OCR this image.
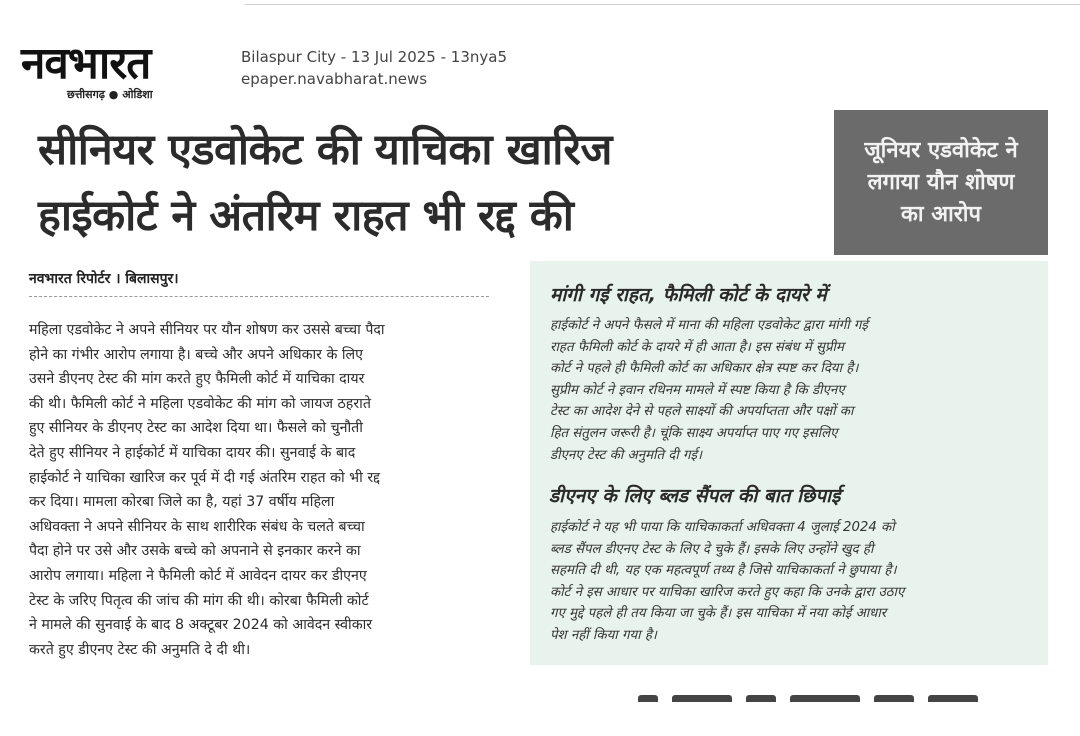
नवभारत
छत्तीसगढ़ ● ओडिशा
Bilaspur City - 13 Jul 2025 - 13nya5
epaper.navabharat.news
सीनियर एडवोकेट की याचिका खारिज
हाईकोर्ट ने अंतरिम राहत भी रद्द की
जूनियर एडवोकेट ने
लगाया यौन शोषण
का आरोप
नवभारत रिपोर्टर । बिलासपुर।
महिला एडवोकेट ने अपने सीनियर पर यौन शोषण कर उससे बच्चा पैदा
होने का गंभीर आरोप लगाया है। बच्चे और अपने अधिकार के लिए
उसने डीएनए टेस्ट की मांग करते हुए फैमिली कोर्ट में याचिका दायर
की थी। फैमिली कोर्ट ने महिला एडवोकेट की मांग को जायज ठहराते
हुए सीनियर के डीएनए टेस्ट का आदेश दिया था। फैसले को चुनौती
देते हुए सीनियर ने हाईकोर्ट में याचिका दायर की। सुनवाई के बाद
हाईकोर्ट ने याचिका खारिज कर पूर्व में दी गई अंतरिम राहत को भी रद्द
कर दिया। मामला कोरबा जिले का है, यहां 37 वर्षीय महिला
अधिवक्ता ने अपने सीनियर के साथ शारीरिक संबंध के चलते बच्चा
पैदा होने पर उसे और उसके बच्चे को अपनाने से इनकार करने का
आरोप लगाया। महिला ने फैमिली कोर्ट में आवेदन दायर कर डीएनए
टेस्ट के जरिए पितृत्व की जांच की मांग की थी। कोरबा फैमिली कोर्ट
ने मामले की सुनवाई के बाद 8 अक्टूबर 2024 को आवेदन स्वीकार
करते हुए डीएनए टेस्ट की अनुमति दे दी थी।
मांगी गई राहत, फैमिली कोर्ट के दायरे में
हाईकोर्ट ने अपने फैसले में माना की महिला एडवोकेट द्वारा मांगी गई
राहत फैमिली कोर्ट के दायरे में ही आता है। इस संबंध में सुप्रीम
कोर्ट ने पहले ही फैमिली कोर्ट का अधिकार क्षेत्र स्पष्ट कर दिया है।
सुप्रीम कोर्ट ने इवान रथिनम मामले में स्पष्ट किया है कि डीएनए
टेस्ट का आदेश देने से पहले साक्ष्यों की अपर्याप्तता और पक्षों का
हित संतुलन जरूरी है। चूंकि साक्ष्य अपर्याप्त पाए गए इसलिए
डीएनए टेस्ट की अनुमति दी गई।
डीएनए के लिए ब्लड सैंपल की बात छिपाई
हाईकोर्ट ने यह भी पाया कि याचिकाकर्ता अधिवक्ता 4 जुलाई 2024 को
ब्लड सैंपल डीएनए टेस्ट के लिए दे चुके हैं। इसके लिए उन्होंने खुद ही
सहमति दी थी, यह एक महत्वपूर्ण तथ्य है जिसे याचिकाकर्ता ने छुपाया है।
कोर्ट ने इस आधार पर याचिका खारिज करते हुए कहा कि उनके द्वारा उठाए
गए मुद्दे पहले ही तय किया जा चुके हैं। इस याचिका में नया कोई आधार
पेश नहीं किया गया है।
